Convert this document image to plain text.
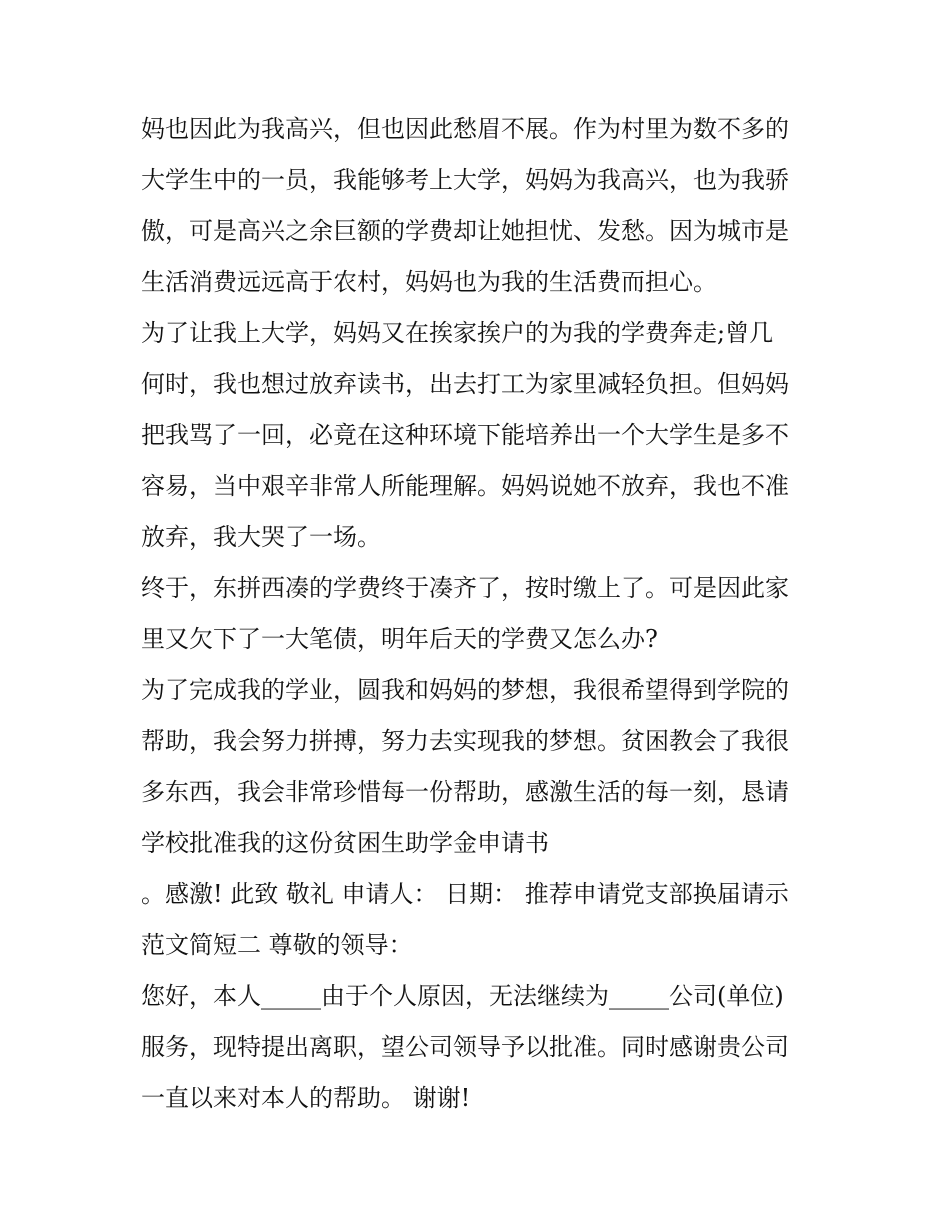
妈也因此为我高兴，但也因此愁眉不展。作为村里为数不多的
大学生中的一员，我能够考上大学，妈妈为我高兴，也为我骄
傲，可是高兴之余巨额的学费却让她担忧、发愁。因为城市是
生活消费远远高于农村，妈妈也为我的生活费而担心。
为了让我上大学，妈妈又在挨家挨户的为我的学费奔走;曾几
何时，我也想过放弃读书，出去打工为家里减轻负担。但妈妈
把我骂了一回，必竟在这种环境下能培养出一个大学生是多不
容易，当中艰辛非常人所能理解。妈妈说她不放弃，我也不准
放弃，我大哭了一场。
终于，东拼西凑的学费终于凑齐了，按时缴上了。可是因此家
里又欠下了一大笔债，明年后天的学费又怎么办?
为了完成我的学业，圆我和妈妈的梦想，我很希望得到学院的
帮助，我会努力拼搏，努力去实现我的梦想。贫困教会了我很
多东西，我会非常珍惜每一份帮助，感激生活的每一刻，恳请
学校批准我的这份贫困生助学金申请书
。感激! 此致 敬礼 申请人： 日期： 推荐申请党支部换届请示
范文简短二 尊敬的领导：
您好，本人_____由于个人原因，无法继续为_____公司(单位)
服务，现特提出离职，望公司领导予以批准。同时感谢贵公司
一直以来对本人的帮助。 谢谢!
